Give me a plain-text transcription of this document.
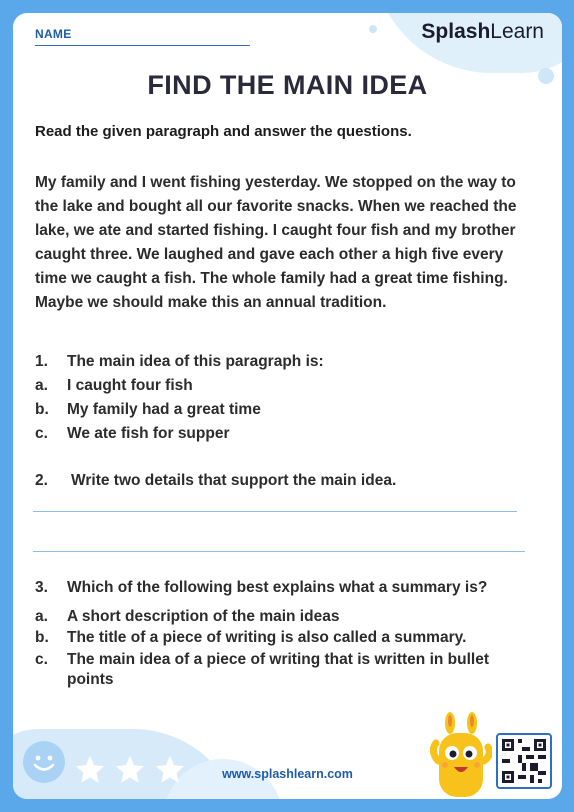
NAME	SplashLearn
FIND THE MAIN IDEA
Read the given paragraph and answer the questions.
My family and I went fishing yesterday. We stopped on the way to
the lake and bought all our favorite snacks. When we reached the
lake, we ate and started fishing. I caught four fish and my brother
caught three. We laughed and gave each other a high five every
time we caught a fish. The whole family had a great time fishing.
Maybe we should make this an annual tradition.
1.	The main idea of this paragraph is:
a.	I caught four fish
b.	My family had a great time
c.	We ate fish for supper
2.	Write two details that support the main idea.
3.	Which of the following best explains what a summary is?
a.	A short description of the main ideas
b.	The title of a piece of writing is also called a summary.
c.	The main idea of a piece of writing that is written in bullet
points
www.splashlearn.com
